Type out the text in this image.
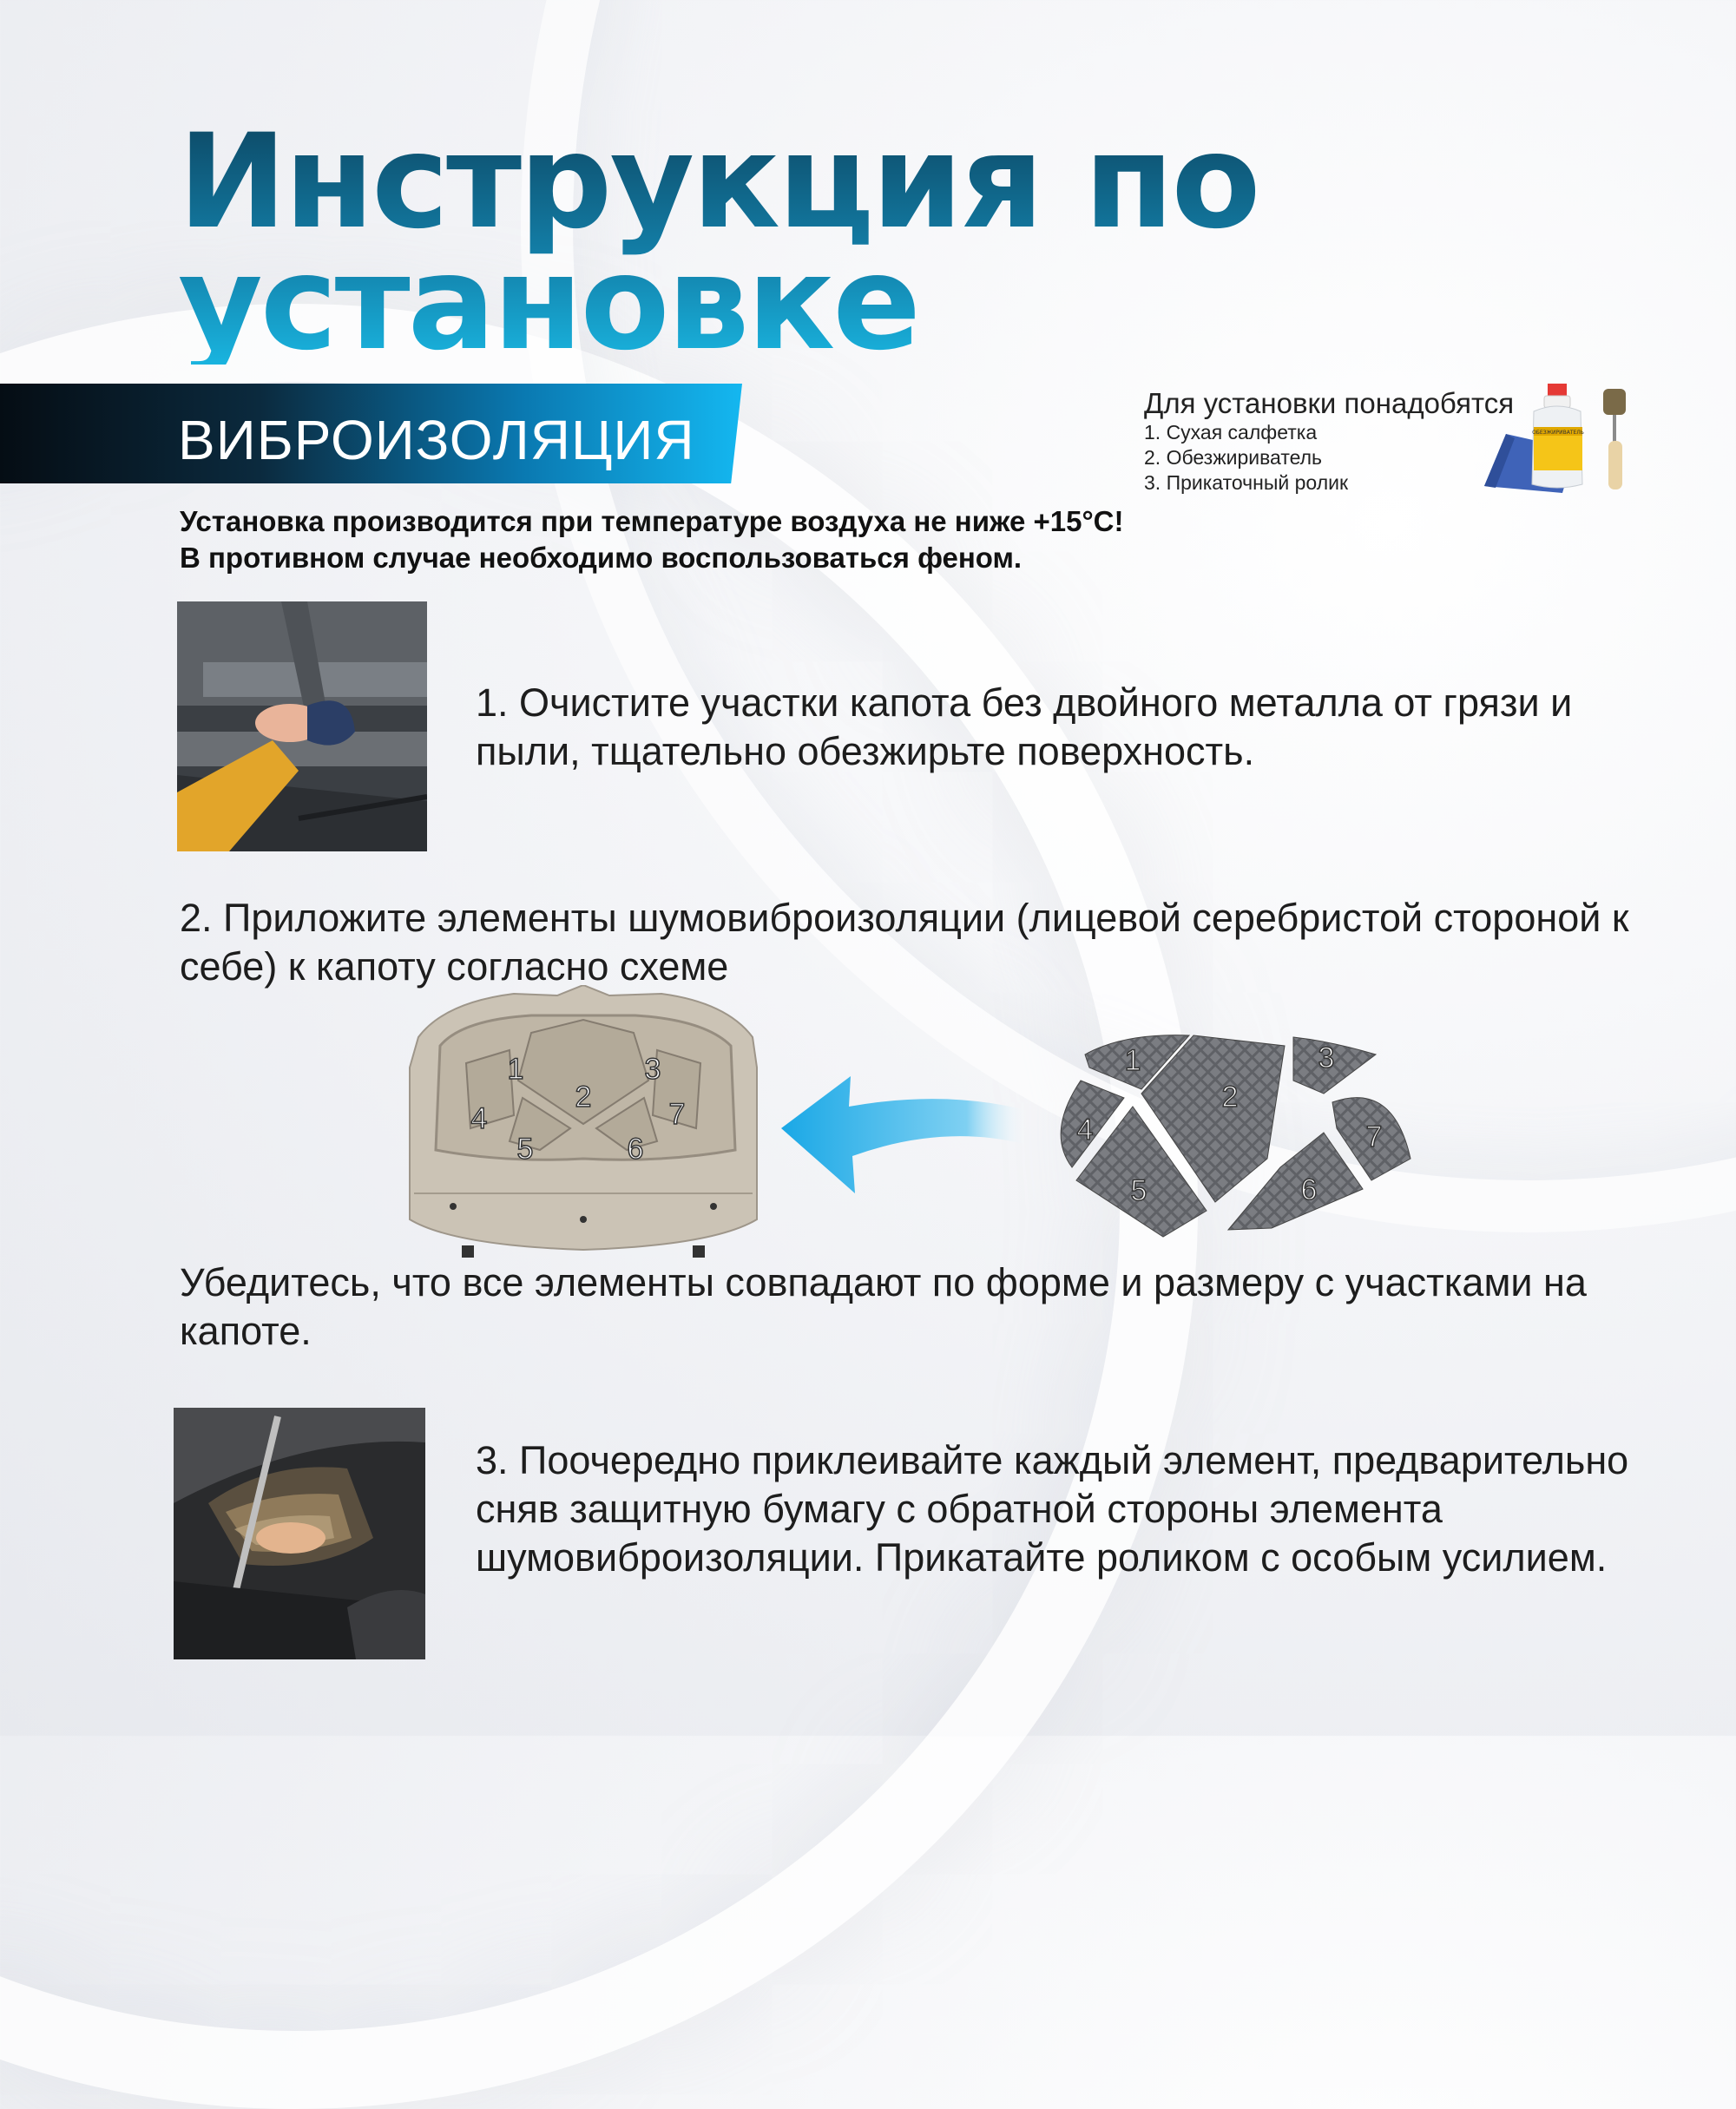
Инструкция по
установке
ВИБРОИЗОЛЯЦИЯ
Для установки понадобятся
1. Сухая салфетка
2. Обезжириватель
3. Прикаточный ролик
ОБЕЗЖИРИВАТЕЛЬ
Установка производится при температуре воздуха не ниже +15°С!
В противном случае необходимо воспользоваться феном.
1. Очистите участки капота без двойного металла от грязи и пыли, тщательно обезжирьте поверхность.
2. Приложите элементы шумовиброизоляции (лицевой серебристой стороной к себе) к капоту согласно схеме
1
2
3
4
5	6
7
1
2
3
4
5	6
7
Убедитесь, что все элементы совпадают по форме и размеру с участками на капоте.
3. Поочередно приклеивайте каждый элемент, предварительно сняв защитную бумагу с обратной стороны элемента шумовиброизоляции. Прикатайте роликом с особым усилием.
